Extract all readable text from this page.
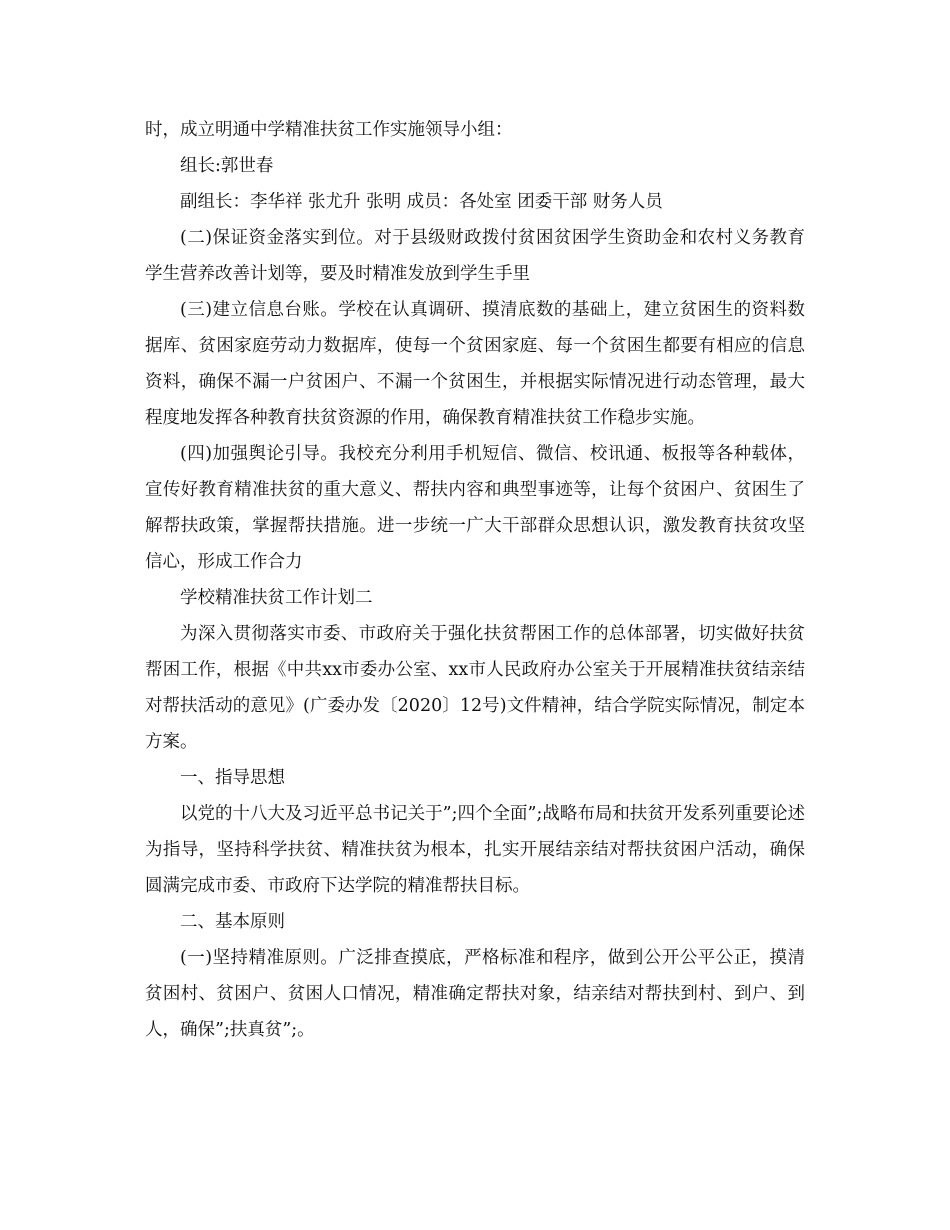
时，成立明通中学精准扶贫工作实施领导小组：

组长:郭世春

副组长：李华祥 张尤升 张明 成员：各处室 团委干部 财务人员

(二)保证资金落实到位。对于县级财政拨付贫困贫困学生资助金和农村义务教育学生营养改善计划等，要及时精准发放到学生手里

(三)建立信息台账。学校在认真调研、摸清底数的基础上，建立贫困生的资料数据库、贫困家庭劳动力数据库，使每一个贫困家庭、每一个贫困生都要有相应的信息资料，确保不漏一户贫困户、不漏一个贫困生，并根据实际情况进行动态管理，最大程度地发挥各种教育扶贫资源的作用，确保教育精准扶贫工作稳步实施。

(四)加强舆论引导。我校充分利用手机短信、微信、校讯通、板报等各种载体，宣传好教育精准扶贫的重大意义、帮扶内容和典型事迹等，让每个贫困户、贫困生了解帮扶政策，掌握帮扶措施。进一步统一广大干部群众思想认识，激发教育扶贫攻坚信心，形成工作合力

学校精准扶贫工作计划二

为深入贯彻落实市委、市政府关于强化扶贫帮困工作的总体部署，切实做好扶贫帮困工作，根据《中共xx市委办公室、xx市人民政府办公室关于开展精准扶贫结亲结对帮扶活动的意见》(广委办发〔2020〕12号)文件精神，结合学院实际情况，制定本方案。

一、指导思想

以党的十八大及习近平总书记关于”;四个全面”;战略布局和扶贫开发系列重要论述为指导，坚持科学扶贫、精准扶贫为根本，扎实开展结亲结对帮扶贫困户活动，确保圆满完成市委、市政府下达学院的精准帮扶目标。

二、基本原则

(一)坚持精准原则。广泛排查摸底，严格标准和程序，做到公开公平公正，摸清贫困村、贫困户、贫困人口情况，精准确定帮扶对象，结亲结对帮扶到村、到户、到人，确保”;扶真贫”;。
